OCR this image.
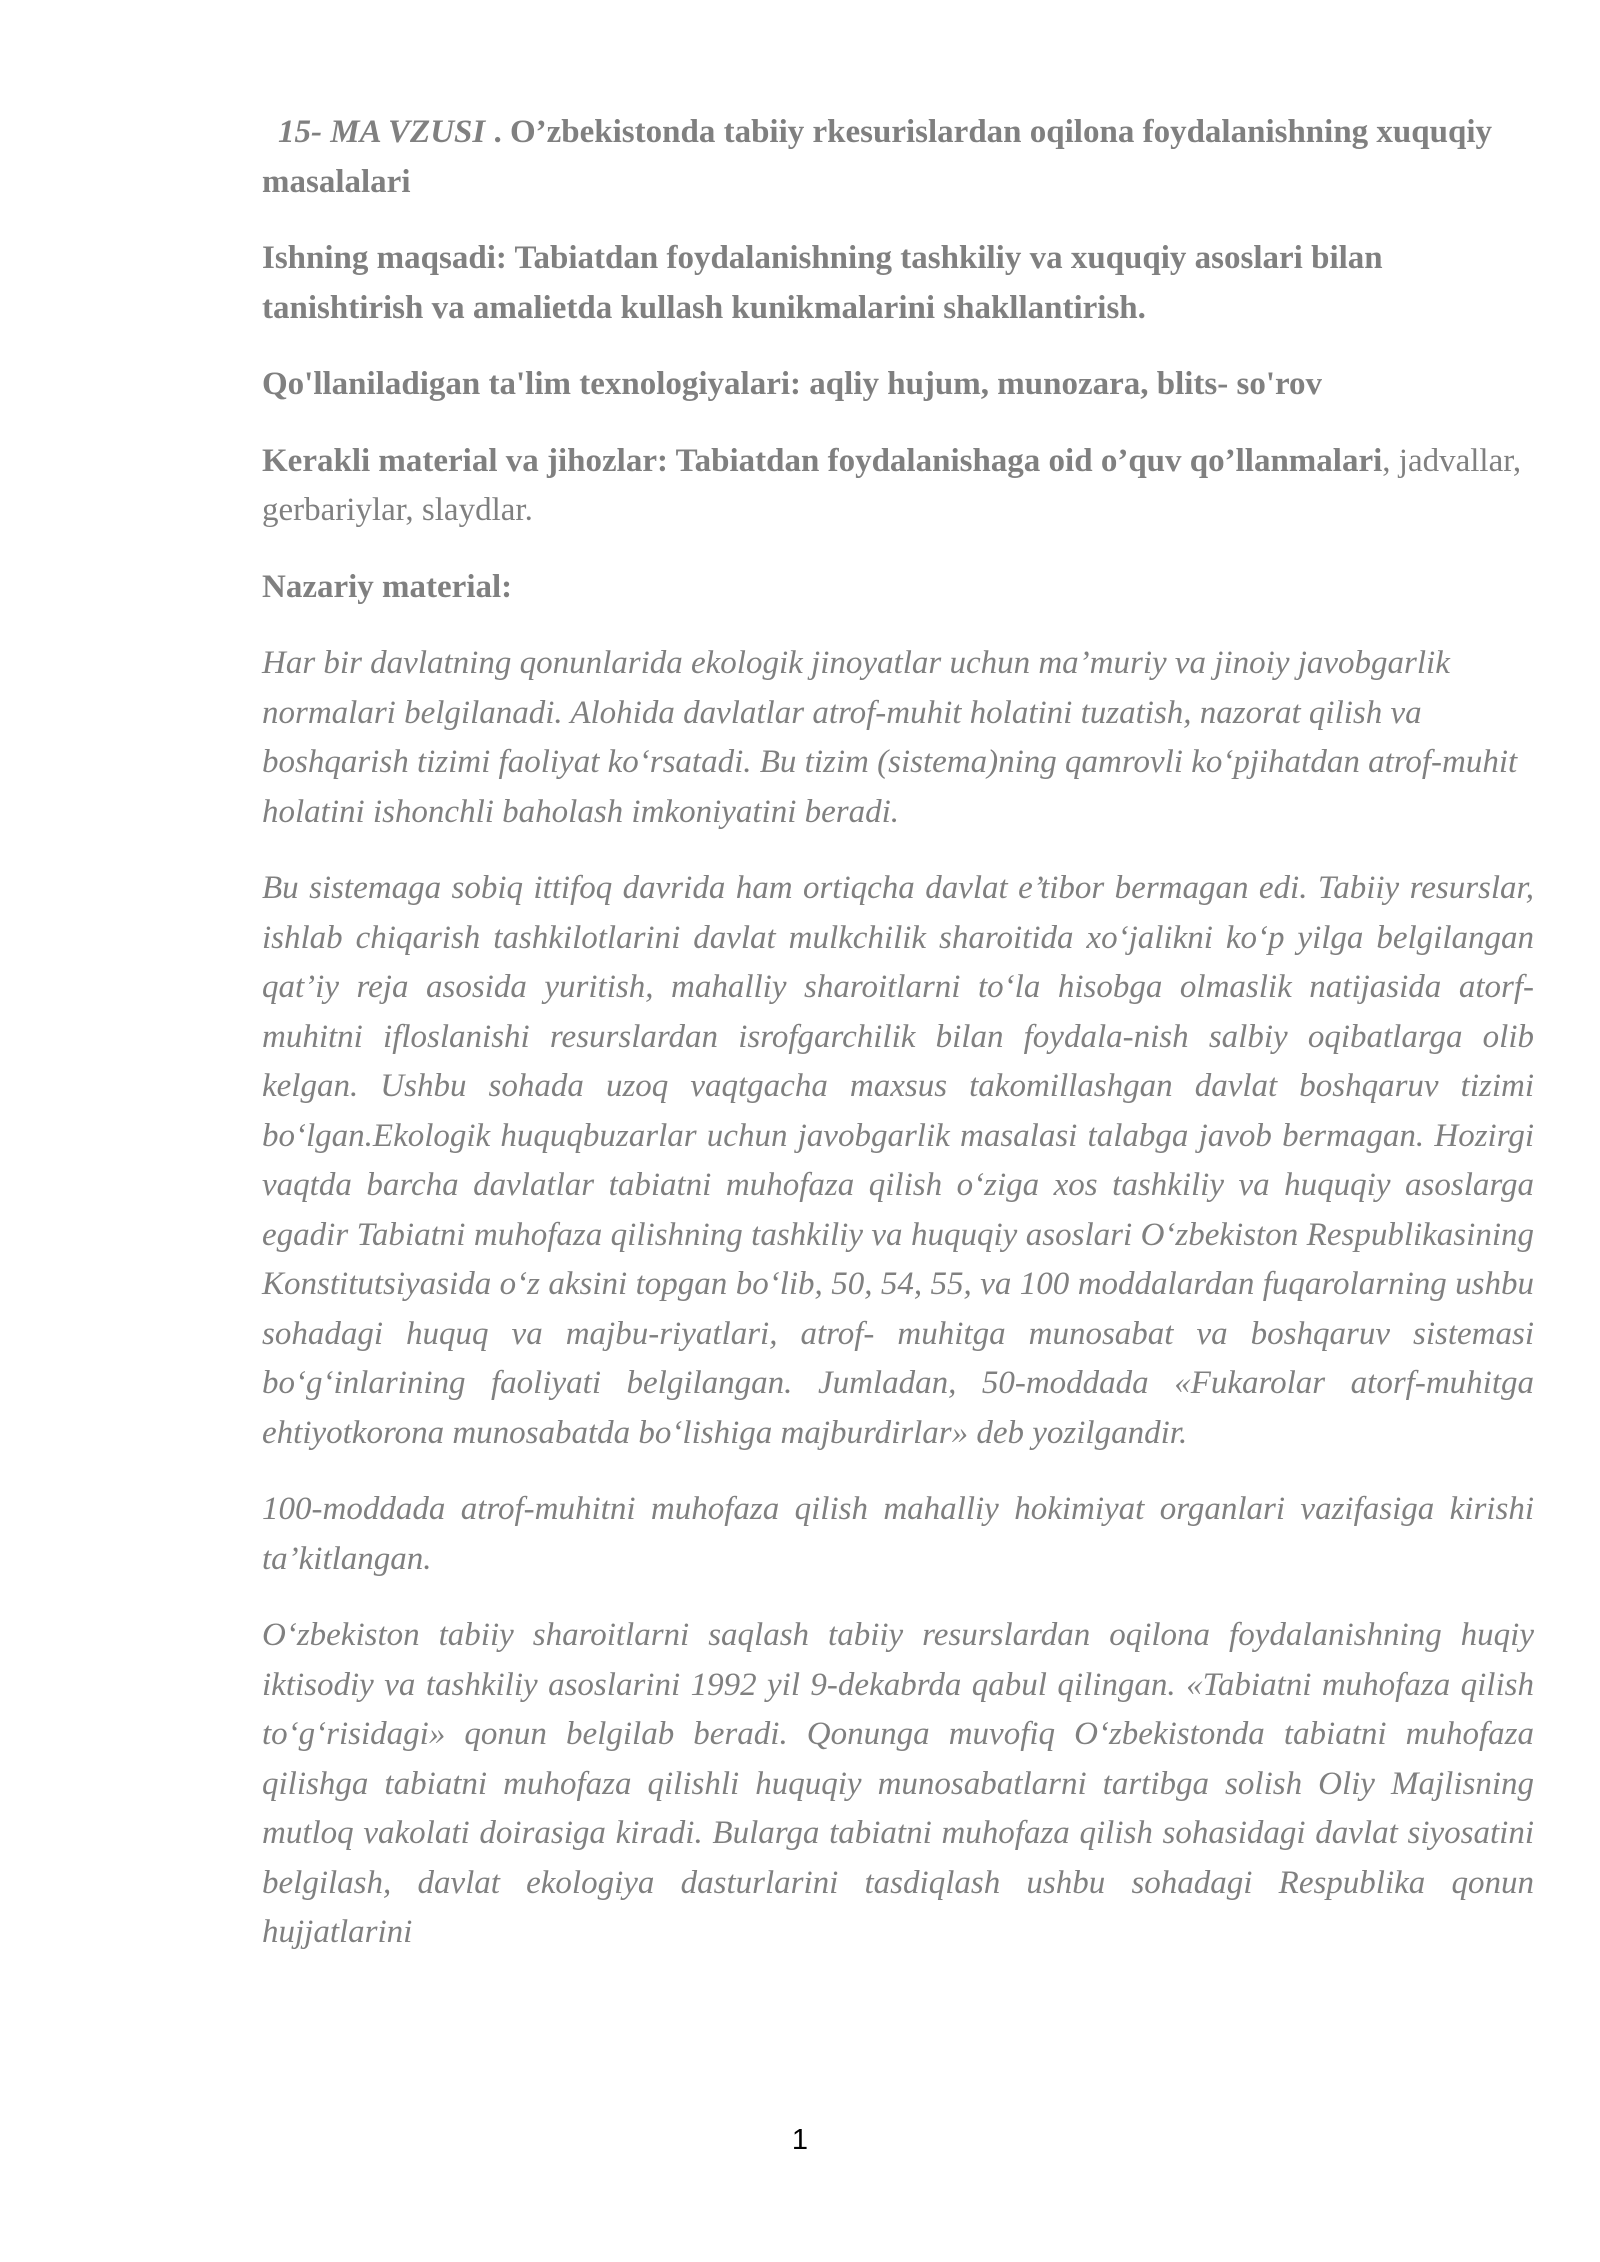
15- MA VZUSI . O’zbekistonda tabiiy rkesurislardan oqilona foydalanishning xuquqiy masalalari

Ishning maqsadi: Tabiatdan foydalanishning tashkiliy va xuquqiy asoslari bilan tanishtirish va amalietda kullash kunikmalarini shakllantirish.

Qo'llaniladigan ta'lim texnologiyalari: aqliy hujum, munozara, blits- so'rov

Kerakli material va jihozlar: Tabiatdan foydalanishaga oid o’quv qo’llanmalari, jadvallar, gerbariylar, slaydlar.

Nazariy material:

Har bir davlatning qonunlarida ekologik jinoyatlar uchun ma’muriy va jinoiy javobgarlik normalari belgilanadi. Alohida davlatlar atrof-muhit holatini tuzatish, nazorat qilish va boshqarish tizimi faoliyat ko‘rsatadi. Bu tizim (sistema)ning qamrovli ko‘pjihatdan atrof-muhit holatini ishonchli baholash imkoniyatini beradi.

Bu sistemaga sobiq ittifoq davrida ham ortiqcha davlat e’tibor bermagan edi. Tabiiy resurslar, ishlab chiqarish tashkilotlarini davlat mulkchilik sharoitida xo‘jalikni ko‘p yilga belgilangan qat’iy reja asosida yuritish, mahalliy sharoitlarni to‘la hisobga olmaslik natijasida atorf-muhitni ifloslanishi resurslardan isrofgarchilik bilan foydala-nish salbiy oqibatlarga olib kelgan. Ushbu sohada uzoq vaqtgacha maxsus takomillashgan davlat boshqaruv tizimi bo‘lgan.Ekologik huquqbuzarlar uchun javobgarlik masalasi talabga javob bermagan. Hozirgi vaqtda barcha davlatlar tabiatni muhofaza qilish o‘ziga xos tashkiliy va huquqiy asoslarga egadir Tabiatni muhofaza qilishning tashkiliy va huquqiy asoslari O‘zbekiston Respublikasining Konstitutsiyasida o‘z aksini topgan bo‘lib, 50, 54, 55, va 100 moddalardan fuqarolarning ushbu sohadagi huquq va majbu-riyatlari, atrof- muhitga munosabat va boshqaruv sistemasi bo‘g‘inlarining faoliyati belgilangan. Jumladan, 50-moddada «Fukarolar atorf-muhitga ehtiyotkorona munosabatda bo‘lishiga majburdirlar» deb yozilgandir.

100-moddada atrof-muhitni muhofaza qilish mahalliy hokimiyat organlari vazifasiga kirishi ta’kitlangan.

O‘zbekiston tabiiy sharoitlarni saqlash tabiiy resurslardan oqilona foydalanishning huqiy iktisodiy va tashkiliy asoslarini 1992 yil 9-dekabrda qabul qilingan. «Tabiatni muhofaza qilish to‘g‘risidagi» qonun belgilab beradi. Qonunga muvofiq O‘zbekistonda tabiatni muhofaza qilishga tabiatni muhofaza qilishli huquqiy munosabatlarni tartibga solish Oliy Majlisning mutloq vakolati doirasiga kiradi. Bularga tabiatni muhofaza qilish sohasidagi davlat siyosatini belgilash, davlat ekologiya dasturlarini tasdiqlash ushbu sohadagi Respublika qonun hujjatlarini

1
